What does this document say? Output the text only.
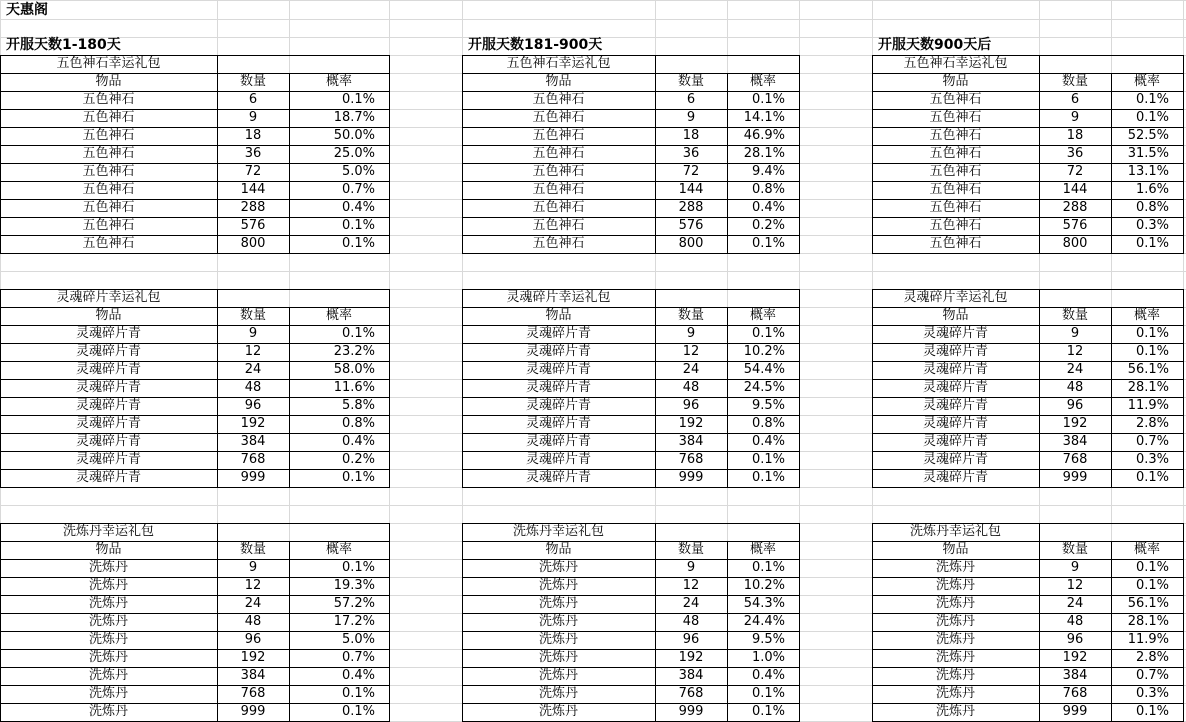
天惠阁
开服天数1-180天
五色神石幸运礼包
物品	数量	概率
五色神石	6	0.1%
五色神石	9	18.7%
五色神石	18	50.0%
五色神石	36	25.0%
五色神石	72	5.0%
五色神石	144	0.7%
五色神石	288	0.4%
五色神石	576	0.1%
五色神石	800	0.1%
灵魂碎片幸运礼包
物品	数量	概率
灵魂碎片青	9	0.1%
灵魂碎片青	12	23.2%
灵魂碎片青	24	58.0%
灵魂碎片青	48	11.6%
灵魂碎片青	96	5.8%
灵魂碎片青	192	0.8%
灵魂碎片青	384	0.4%
灵魂碎片青	768	0.2%
灵魂碎片青	999	0.1%
洗炼丹幸运礼包
物品	数量	概率
洗炼丹	9	0.1%
洗炼丹	12	19.3%
洗炼丹	24	57.2%
洗炼丹	48	17.2%
洗炼丹	96	5.0%
洗炼丹	192	0.7%
洗炼丹	384	0.4%
洗炼丹	768	0.1%
洗炼丹	999	0.1%
开服天数181-900天
五色神石幸运礼包
物品	数量	概率
五色神石	6	0.1%
五色神石	9	14.1%
五色神石	18	46.9%
五色神石	36	28.1%
五色神石	72	9.4%
五色神石	144	0.8%
五色神石	288	0.4%
五色神石	576	0.2%
五色神石	800	0.1%
灵魂碎片幸运礼包
物品	数量	概率
灵魂碎片青	9	0.1%
灵魂碎片青	12	10.2%
灵魂碎片青	24	54.4%
灵魂碎片青	48	24.5%
灵魂碎片青	96	9.5%
灵魂碎片青	192	0.8%
灵魂碎片青	384	0.4%
灵魂碎片青	768	0.1%
灵魂碎片青	999	0.1%
洗炼丹幸运礼包
物品	数量	概率
洗炼丹	9	0.1%
洗炼丹	12	10.2%
洗炼丹	24	54.3%
洗炼丹	48	24.4%
洗炼丹	96	9.5%
洗炼丹	192	1.0%
洗炼丹	384	0.4%
洗炼丹	768	0.1%
洗炼丹	999	0.1%
开服天数900天后
五色神石幸运礼包
物品	数量	概率
五色神石	6	0.1%
五色神石	9	0.1%
五色神石	18	52.5%
五色神石	36	31.5%
五色神石	72	13.1%
五色神石	144	1.6%
五色神石	288	0.8%
五色神石	576	0.3%
五色神石	800	0.1%
灵魂碎片幸运礼包
物品	数量	概率
灵魂碎片青	9	0.1%
灵魂碎片青	12	0.1%
灵魂碎片青	24	56.1%
灵魂碎片青	48	28.1%
灵魂碎片青	96	11.9%
灵魂碎片青	192	2.8%
灵魂碎片青	384	0.7%
灵魂碎片青	768	0.3%
灵魂碎片青	999	0.1%
洗炼丹幸运礼包
物品	数量	概率
洗炼丹	9	0.1%
洗炼丹	12	0.1%
洗炼丹	24	56.1%
洗炼丹	48	28.1%
洗炼丹	96	11.9%
洗炼丹	192	2.8%
洗炼丹	384	0.7%
洗炼丹	768	0.3%
洗炼丹	999	0.1%
